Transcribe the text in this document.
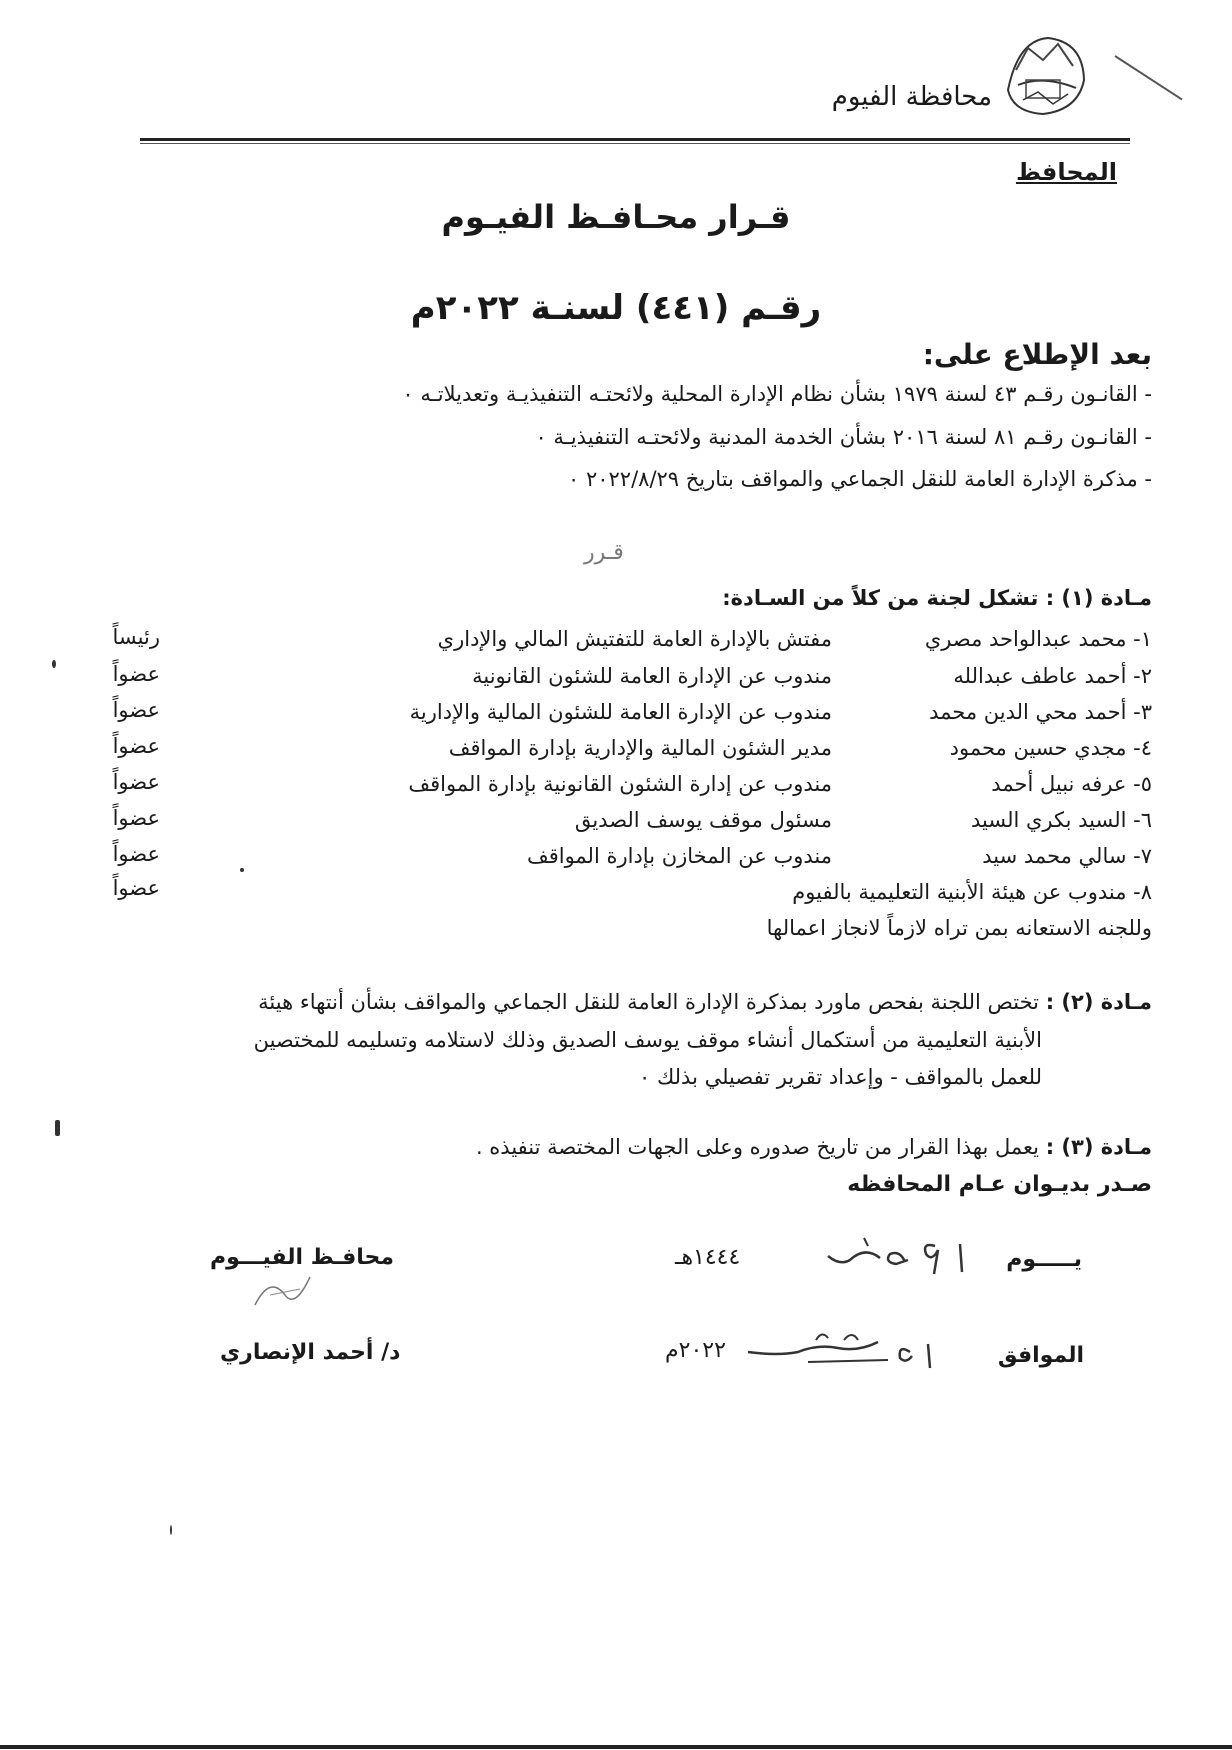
محافظة الفيوم
المحافظ
قـرار محـافـظ الفيـوم
رقـم (٤٤١) لسنـة ٢٠٢٢م
بعد الإطلاع على:
- القانـون رقـم ٤٣ لسنة ١٩٧٩ بشأن نظام الإدارة المحلية ولائحتـه التنفيذيـة وتعديلاتـه ٠
- القانـون رقـم ٨١ لسنة ٢٠١٦ بشأن الخدمة المدنية ولائحتـه التنفيذيـة ٠
- مذكرة الإدارة العامة للنقل الجماعي والمواقف بتاريخ ٢٠٢٢/٨/٢٩ ٠
قـرر
مـادة (١) : تشكل لجنة من كلاً من السـادة:
١- محمد عبدالواحد مصري
مفتش بالإدارة العامة للتفتيش المالي والإداري
رئيساً
٢- أحمد عاطف عبدالله
مندوب عن الإدارة العامة للشئون القانونية
عضواً
٣- أحمد محي الدين محمد
مندوب عن الإدارة العامة للشئون المالية والإدارية
عضواً
٤- مجدي حسين محمود
مدير الشئون المالية والإدارية بإدارة المواقف
عضواً
٥- عرفه نبيل أحمد
مندوب عن إدارة الشئون القانونية بإدارة المواقف
عضواً
٦- السيد بكري السيد
مسئول موقف يوسف الصديق
عضواً
٧- سالي محمد سيد
مندوب عن المخازن بإدارة المواقف
عضواً
٨- مندوب عن هيئة الأبنية التعليمية بالفيوم
عضواً
وللجنه الاستعانه بمن تراه لازماً لانجاز اعمالها
مـادة (٢) : تختص اللجنة بفحص ماورد بمذكرة الإدارة العامة للنقل الجماعي والمواقف بشأن أنتهاء هيئة
الأبنية التعليمية من أستكمال أنشاء موقف يوسف الصديق وذلك لاستلامه وتسليمه للمختصين
للعمل بالمواقف - وإعداد تقرير تفصيلي بذلك ٠
مـادة (٣) : يعمل بهذا القرار من تاريخ صدوره وعلى الجهات المختصة تنفيذه .
صـدر بديـوان عـام المحافظه
يـــــوم
١٤٤٤هـ
الموافق
٢٠٢٢م
محافـظ الفيـــوم
د/ أحمد الإنصاري
